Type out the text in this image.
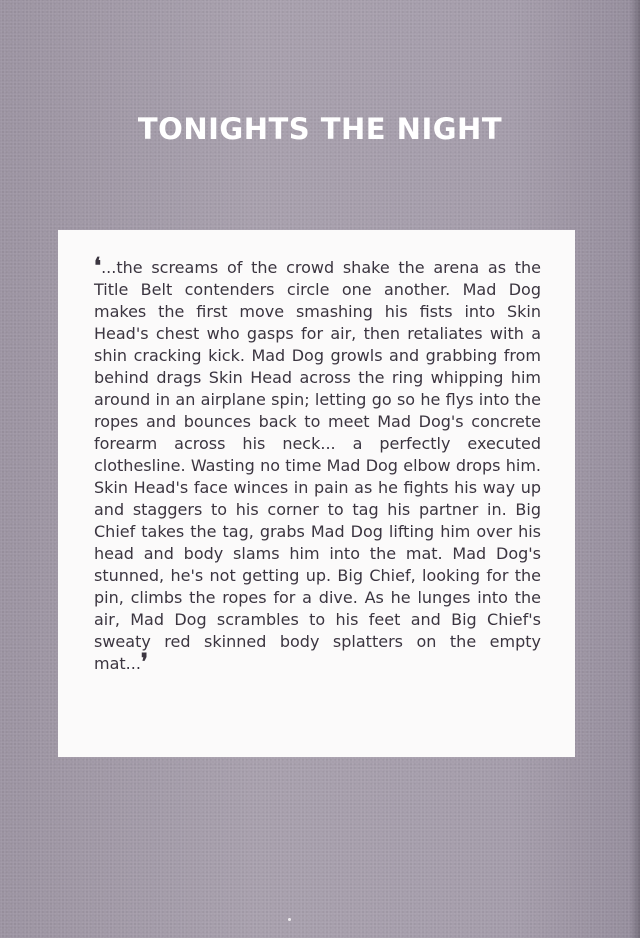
TONIGHTS THE NIGHT

❛...the screams of the crowd shake the arena as the Title Belt contenders circle one another. Mad Dog makes the first move smashing his fists into Skin Head's chest who gasps for air, then retaliates with a shin cracking kick. Mad Dog growls and grabbing from behind drags Skin Head across the ring whipping him around in an airplane spin; letting go so he flys into the ropes and bounces back to meet Mad Dog's concrete forearm across his neck... a perfectly executed clothesline. Wasting no time Mad Dog elbow drops him. Skin Head's face winces in pain as he fights his way up and staggers to his corner to tag his partner in. Big Chief takes the tag, grabs Mad Dog lifting him over his head and body slams him into the mat. Mad Dog's stunned, he's not getting up. Big Chief, looking for the pin, climbs the ropes for a dive. As he lunges into the air, Mad Dog scrambles to his feet and Big Chief's sweaty red skinned body splatters on the empty mat...❜
